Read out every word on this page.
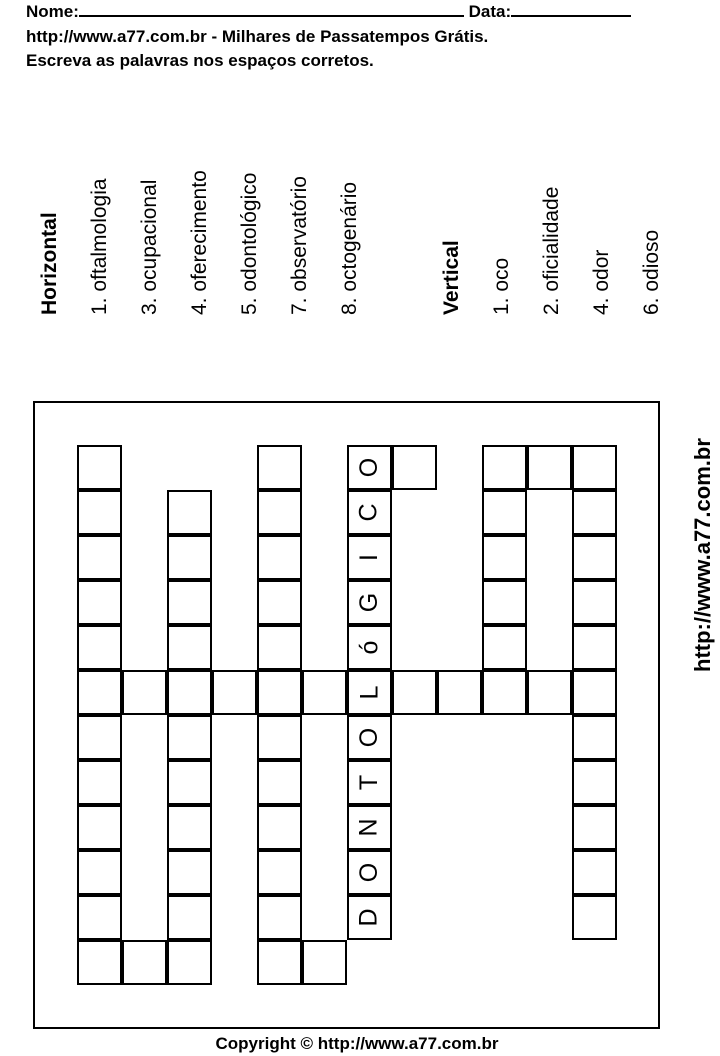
Nome:	Data:
http://www.a77.com.br - Milhares de Passatempos Grátis.
Escreva as palavras nos espaços corretos.
Horizontal 1. oftalmologia 3. ocupacional 4. oferecimento 5. odontológico 7. observatório 8. octogenário	Vertical 1. oco 2. oficialidade 4. odor 6. odioso
O
C
I
G
ó
L
O
T
N
O
D
http://www.a77.com.br
Copyright © http://www.a77.com.br
